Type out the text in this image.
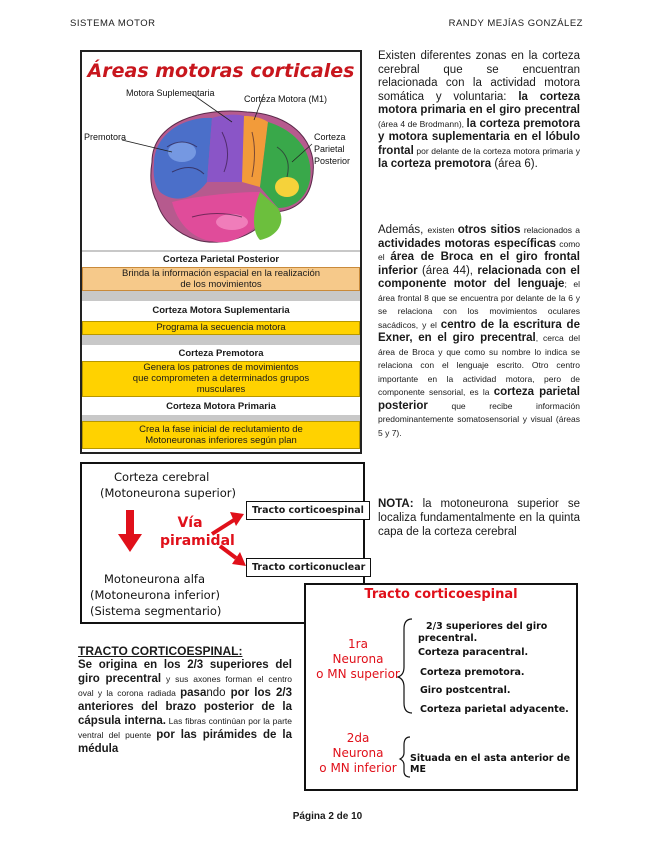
SISTEMA MOTOR	RANDY MEJÍAS GONZÁLEZ
Áreas motoras corticales
Motora Suplementaria
Corteza Motora (M1)
Premotora	Corteza
Parietal
Posterior
Corteza Parietal Posterior
Brinda la información espacial en la realización
de los movimientos
Corteza Motora Suplementaria
Programa la secuencia motora
Corteza Premotora
Genera los patrones de movimientos
que comprometen a determinados grupos
musculares
Corteza Motora Primaria
Crea la fase inicial de reclutamiento de
Motoneuronas inferiores según plan
Corteza cerebral
(Motoneurona superior)
Vía
piramidal
Tracto corticoespinal
Tracto corticonuclear
Motoneurona alfa
(Motoneurona inferior)
(Sistema segmentario)
Existen diferentes zonas en la corteza cerebral que se encuentran relacionada con la actividad motora somática y voluntaria: la corteza motora primaria en el giro precentral (área 4 de Brodmann), la corteza premotora y motora suplementaria en el lóbulo frontal por delante de la corteza motora primaria y la corteza premotora (área 6).
Además, existen otros sitios relacionados a actividades motoras específicas como el área de Broca en el giro frontal inferior (área 44), relacionada con el componente motor del lenguaje; el área frontal 8 que se encuentra por delante de la 6 y se relaciona con los movimientos oculares sacádicos, y el centro de la escritura de Exner, en el giro precentral, cerca del área de Broca y que como su nombre lo indica se relaciona con el lenguaje escrito. Otro centro importante en la actividad motora, pero de componente sensorial, es la corteza parietal posterior que recibe información predominantemente somatosensorial y visual (áreas 5 y 7).
NOTA: la motoneurona superior se localiza fundamentalmente en la quinta capa de la corteza cerebral
TRACTO CORTICOESPINAL:
Se origina en los 2/3 superiores del giro precentral y sus axones forman el centro oval y la corona radiada pasando por los 2/3 anteriores del brazo posterior de la cápsula interna. Las fibras continúan por la parte ventral del puente por las pirámides de la médula
Tracto corticoespinal
1ra
Neurona
o MN superior
2/3 superiores del giro
precentral.
Corteza paracentral.
Corteza premotora.
Giro postcentral.
Corteza parietal adyacente.
2da
Neurona
o MN inferior
Situada en el asta anterior de ME
Página 2 de 10
